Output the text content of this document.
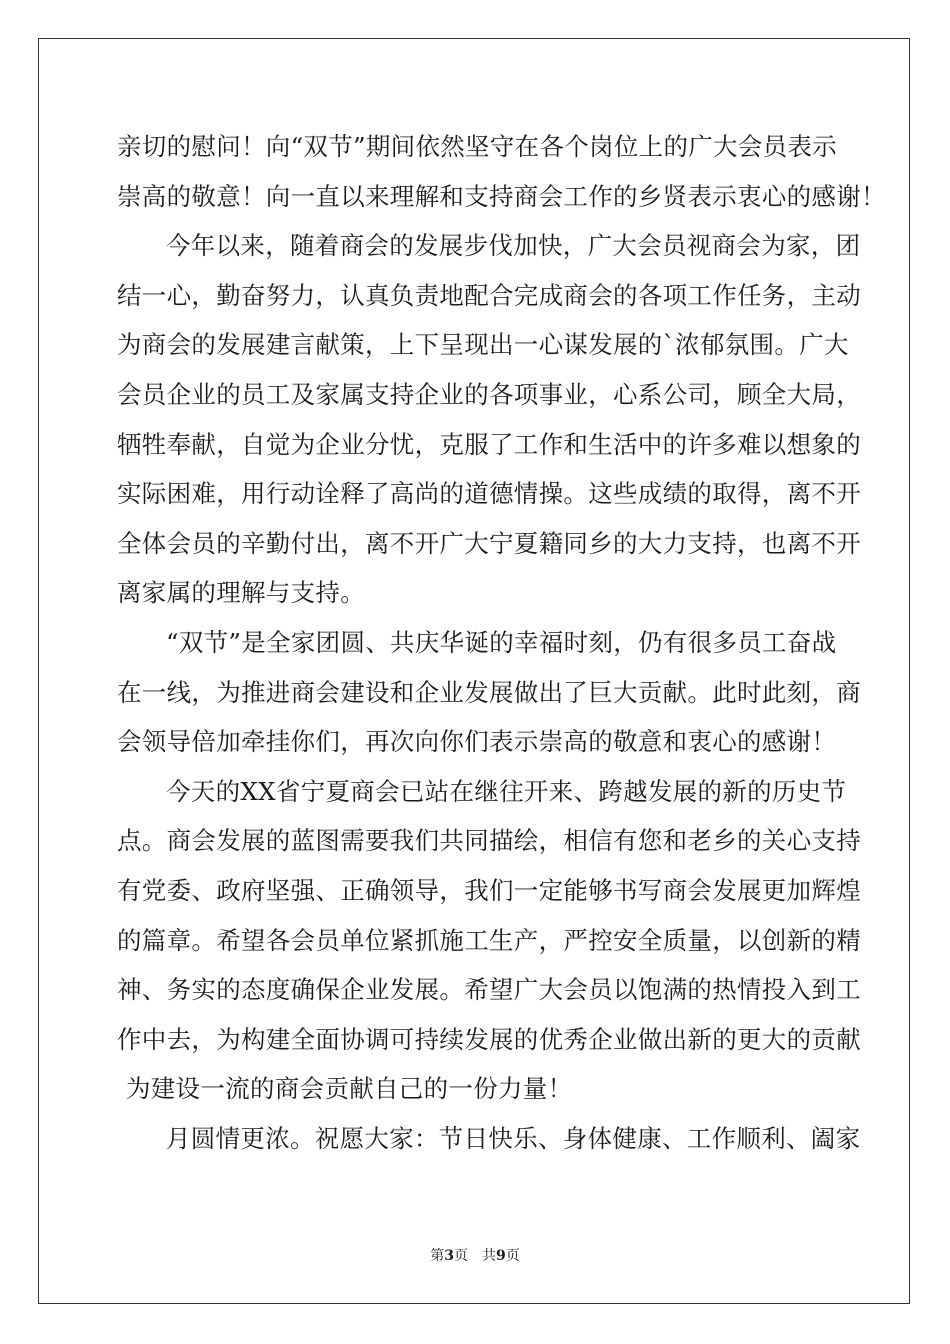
亲切的慰问！向“双节”期间依然坚守在各个岗位上的广大会员表示
崇高的敬意！向一直以来理解和支持商会工作的乡贤表示衷心的感谢！
今年以来，随着商会的发展步伐加快，广大会员视商会为家，团
结一心，勤奋努力，认真负责地配合完成商会的各项工作任务，主动
为商会的发展建言献策，上下呈现出一心谋发展的`浓郁氛围。广大
会员企业的员工及家属支持企业的各项事业，心系公司，顾全大局，
牺牲奉献，自觉为企业分忧，克服了工作和生活中的许多难以想象的
实际困难，用行动诠释了高尚的道德情操。这些成绩的取得，离不开
全体会员的辛勤付出，离不开广大宁夏籍同乡的大力支持，也离不开
离家属的理解与支持。
“双节”是全家团圆、共庆华诞的幸福时刻，仍有很多员工奋战
在一线，为推进商会建设和企业发展做出了巨大贡献。此时此刻，商
会领导倍加牵挂你们，再次向你们表示崇高的敬意和衷心的感谢！
今天的XX省宁夏商会已站在继往开来、跨越发展的新的历史节
点。商会发展的蓝图需要我们共同描绘，相信有您和老乡的关心支持
有党委、政府坚强、正确领导，我们一定能够书写商会发展更加辉煌
的篇章。希望各会员单位紧抓施工生产，严控安全质量，以创新的精
神、务实的态度确保企业发展。希望广大会员以饱满的热情投入到工
作中去，为构建全面协调可持续发展的优秀企业做出新的更大的贡献
为建设一流的商会贡献自己的一份力量！
月圆情更浓。祝愿大家：节日快乐、身体健康、工作顺利、阖家
第3页 共9页
